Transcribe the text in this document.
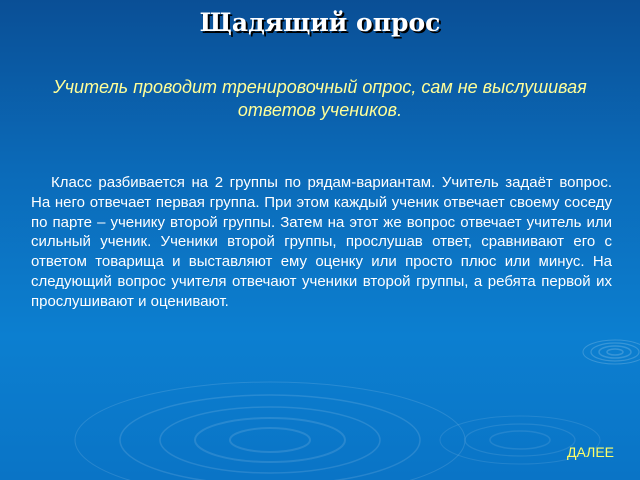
Щадящий опрос

Учитель проводит тренировочный опрос, сам не выслушивая ответов учеников.

Класс разбивается на 2 группы по рядам-вариантам. Учитель задаёт вопрос. На него отвечает первая группа. При этом каждый ученик отвечает своему соседу по парте – ученику второй группы. Затем на этот же вопрос отвечает учитель или сильный ученик. Ученики второй группы, прослушав ответ, сравнивают его с ответом товарища и выставляют ему оценку или просто плюс или минус. На следующий вопрос учителя отвечают ученики второй группы, а ребята первой их прослушивают и оценивают.

ДАЛЕЕ
